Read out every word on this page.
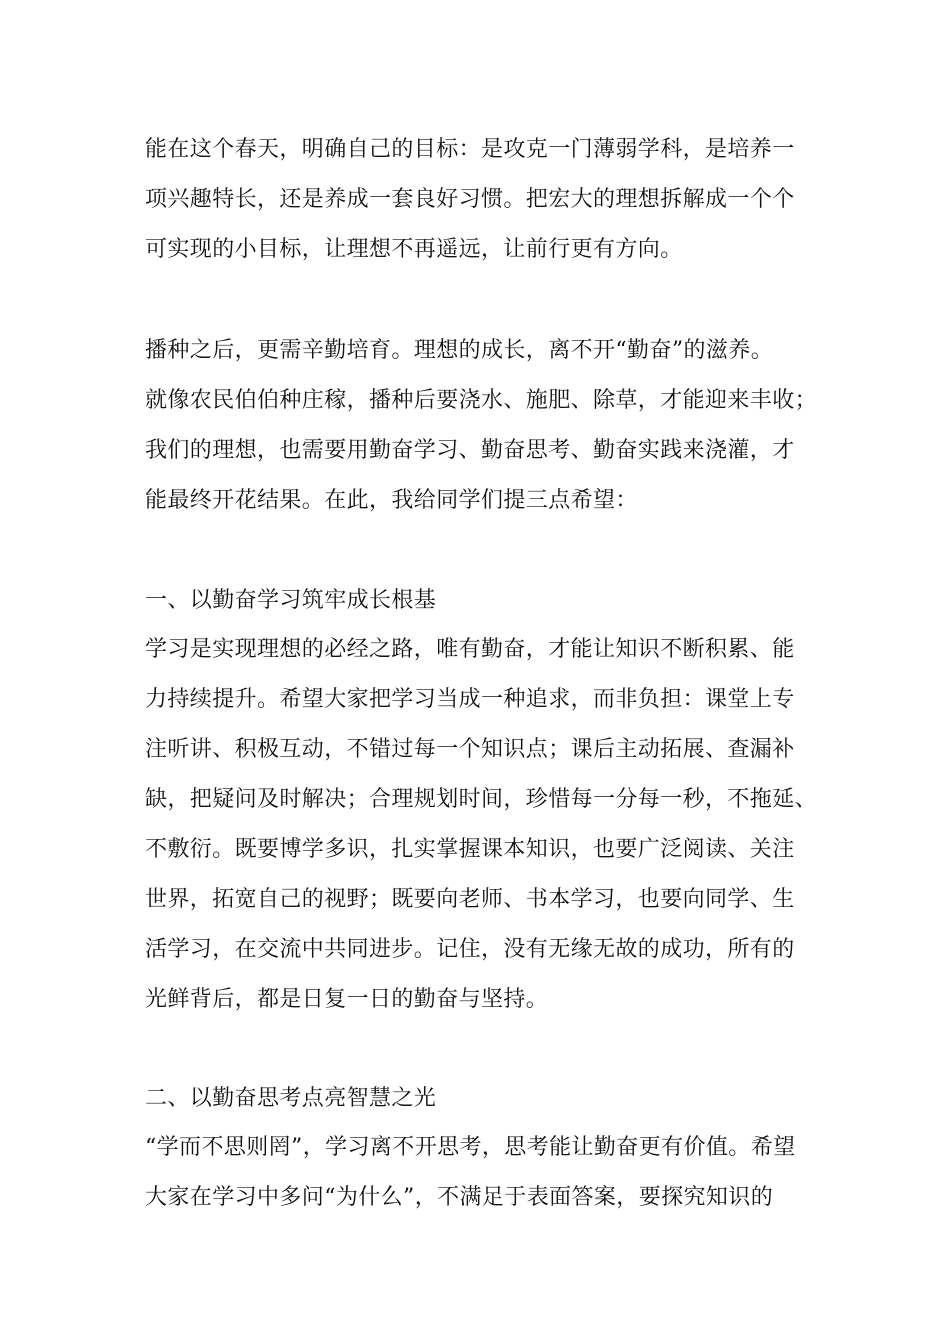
能在这个春天，明确自己的目标：是攻克一门薄弱学科，是培养一
项兴趣特长，还是养成一套良好习惯。把宏大的理想拆解成一个个
可实现的小目标，让理想不再遥远，让前行更有方向。
播种之后，更需辛勤培育。理想的成长，离不开“勤奋”的滋养。
就像农民伯伯种庄稼，播种后要浇水、施肥、除草，才能迎来丰收；
我们的理想，也需要用勤奋学习、勤奋思考、勤奋实践来浇灌，才
能最终开花结果。在此，我给同学们提三点希望：
一、以勤奋学习筑牢成长根基
学习是实现理想的必经之路，唯有勤奋，才能让知识不断积累、能
力持续提升。希望大家把学习当成一种追求，而非负担：课堂上专
注听讲、积极互动，不错过每一个知识点；课后主动拓展、查漏补
缺，把疑问及时解决；合理规划时间，珍惜每一分每一秒，不拖延、
不敷衍。既要博学多识，扎实掌握课本知识，也要广泛阅读、关注
世界，拓宽自己的视野；既要向老师、书本学习，也要向同学、生
活学习，在交流中共同进步。记住，没有无缘无故的成功，所有的
光鲜背后，都是日复一日的勤奋与坚持。
二、以勤奋思考点亮智慧之光
“学而不思则罔”，学习离不开思考，思考能让勤奋更有价值。希望
大家在学习中多问“为什么”，不满足于表面答案，要探究知识的
